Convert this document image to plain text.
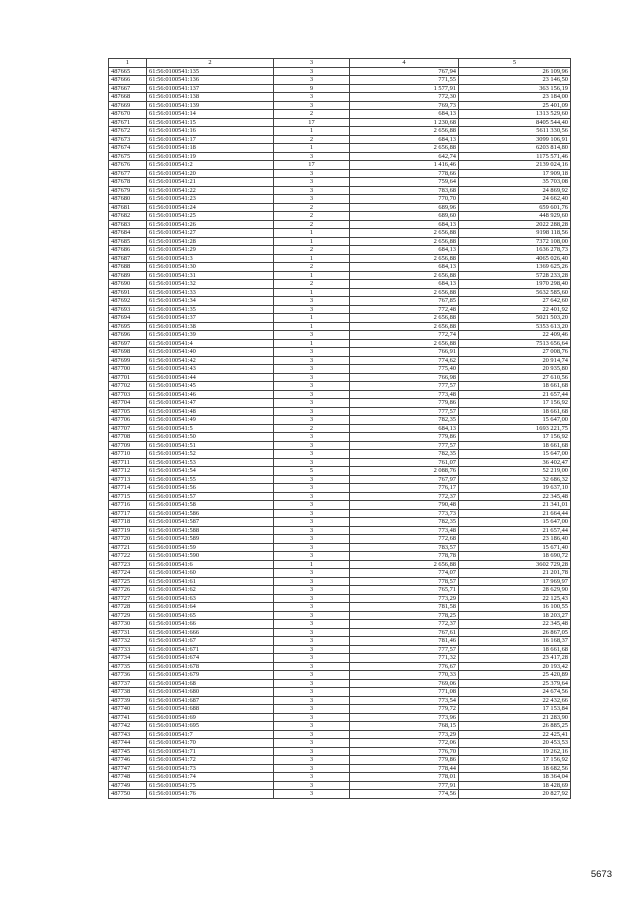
1	2	3	4	5
487665	61:56:0100541:135	3	767,94	26 109,96
487666	61:56:0100541:136	3	771,55	23 146,50
487667	61:56:0100541:137	9	1 577,91	363 156,19
487668	61:56:0100541:138	3	772,30	23 184,00
487669	61:56:0100541:139	3	769,73	25 401,09
487670	61:56:0100541:14	2	684,13	1313 529,60
487671	61:56:0100541:15	17	1 230,68	8405 544,40
487672	61:56:0100541:16	1	2 656,88	5611 330,56
487673	61:56:0100541:17	2	684,13	3099 106,91
487674	61:56:0100541:18	1	2 656,88	6203 814,80
487675	61:56:0100541:19	3	642,74	1175 571,46
487676	61:56:0100541:2	17	1 416,46	2139 024,16
487677	61:56:0100541:20	3	778,66	17 909,18
487678	61:56:0100541:21	3	759,64	35 703,08
487679	61:56:0100541:22	3	783,68	24 869,92
487680	61:56:0100541:23	3	770,70	24 662,40
487681	61:56:0100541:24	2	689,96	659 601,76
487682	61:56:0100541:25	2	689,60	448 929,60
487683	61:56:0100541:26	2	684,13	2022 288,28
487684	61:56:0100541:27	1	2 656,88	9198 118,56
487685	61:56:0100541:28	1	2 656,88	7372 108,00
487686	61:56:0100541:29	2	684,13	1636 278,73
487687	61:56:0100541:3	1	2 656,88	4065 026,40
487688	61:56:0100541:30	2	684,13	1369 625,26
487689	61:56:0100541:31	1	2 656,88	5728 233,28
487690	61:56:0100541:32	2	684,13	1970 298,40
487691	61:56:0100541:33	1	2 656,88	5632 585,60
487692	61:56:0100541:34	3	767,85	27 642,60
487693	61:56:0100541:35	3	772,48	22 401,92
487694	61:56:0100541:37	1	2 656,88	5021 503,20
487695	61:56:0100541:38	1	2 656,88	5353 613,20
487696	61:56:0100541:39	3	772,74	22 409,46
487697	61:56:0100541:4	1	2 656,88	7513 656,64
487698	61:56:0100541:40	3	766,91	27 008,76
487699	61:56:0100541:42	3	774,62	20 914,74
487700	61:56:0100541:43	3	775,40	20 935,80
487701	61:56:0100541:44	3	766,98	27 610,56
487702	61:56:0100541:45	3	777,57	18 661,68
487703	61:56:0100541:46	3	773,48	21 657,44
487704	61:56:0100541:47	3	779,86	17 156,92
487705	61:56:0100541:48	3	777,57	18 661,68
487706	61:56:0100541:49	3	782,35	15 647,00
487707	61:56:0100541:5	2	684,13	1693 221,75
487708	61:56:0100541:50	3	779,86	17 156,92
487709	61:56:0100541:51	3	777,57	18 661,68
487710	61:56:0100541:52	3	782,35	15 647,00
487711	61:56:0100541:53	3	761,07	36 402,47
487712	61:56:0100541:54	5	2 088,76	52 219,00
487713	61:56:0100541:55	3	767,97	32 686,32
487714	61:56:0100541:56	3	776,17	19 637,10
487715	61:56:0100541:57	3	772,37	22 345,48
487716	61:56:0100541:58	3	790,48	21 341,01
487717	61:56:0100541:586	3	773,73	21 664,44
487718	61:56:0100541:587	3	782,35	15 647,00
487719	61:56:0100541:588	3	773,48	21 657,44
487720	61:56:0100541:589	3	772,68	23 186,40
487721	61:56:0100541:59	3	783,57	15 671,40
487722	61:56:0100541:590	3	778,78	18 690,72
487723	61:56:0100541:6	1	2 656,88	3602 729,28
487724	61:56:0100541:60	3	774,07	21 201,78
487725	61:56:0100541:61	3	778,57	17 969,97
487726	61:56:0100541:62	3	765,71	28 629,90
487727	61:56:0100541:63	3	773,29	22 125,43
487728	61:56:0100541:64	3	781,58	16 100,55
487729	61:56:0100541:65	3	778,25	18 203,27
487730	61:56:0100541:66	3	772,37	22 345,48
487731	61:56:0100541:666	3	767,61	26 867,05
487732	61:56:0100541:67	3	781,46	16 168,37
487733	61:56:0100541:671	3	777,57	18 661,68
487734	61:56:0100541:674	3	771,32	23 417,28
487735	61:56:0100541:678	3	776,67	20 193,42
487736	61:56:0100541:679	3	770,33	25 420,89
487737	61:56:0100541:68	3	769,06	25 379,64
487738	61:56:0100541:680	3	771,08	24 674,56
487739	61:56:0100541:687	3	773,54	22 432,66
487740	61:56:0100541:688	3	779,72	17 153,84
487741	61:56:0100541:69	3	773,96	21 283,90
487742	61:56:0100541:695	3	768,15	26 885,25
487743	61:56:0100541:7	3	773,29	22 425,41
487744	61:56:0100541:70	3	772,06	20 453,53
487745	61:56:0100541:71	3	776,70	19 262,16
487746	61:56:0100541:72	3	779,86	17 156,92
487747	61:56:0100541:73	3	778,44	18 682,56
487748	61:56:0100541:74	3	778,01	18 364,04
487749	61:56:0100541:75	3	777,91	18 428,69
487750	61:56:0100541:76	3	774,56	20 827,92
5673
